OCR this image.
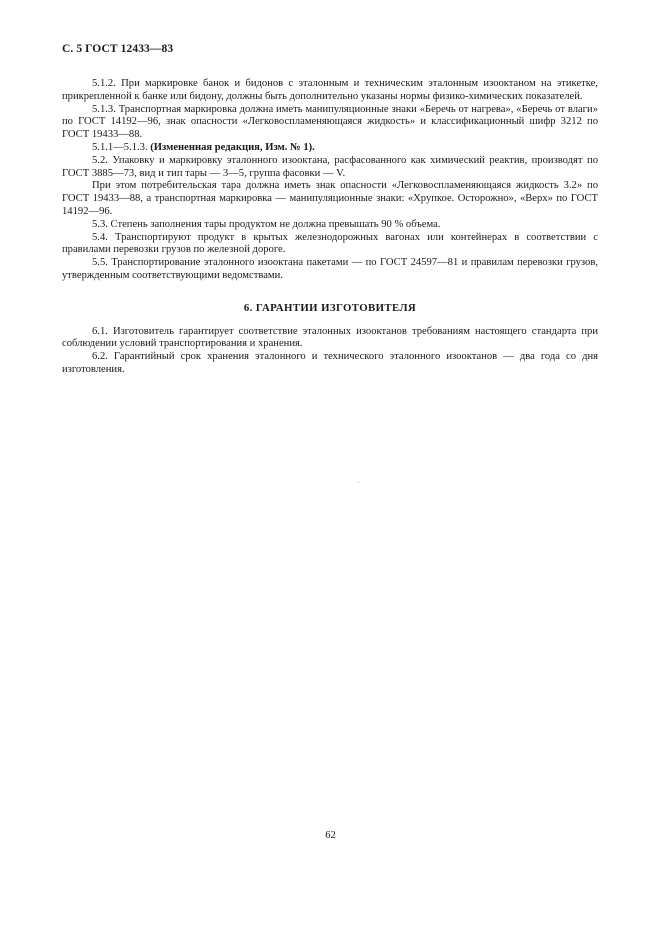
С. 5 ГОСТ 12433—83

5.1.2. При маркировке банок и бидонов с эталонным и техническим эталонным изооктаном на этикетке, прикрепленной к банке или бидону, должны быть дополнительно указаны нормы физико-химических показателей.

5.1.3. Транспортная маркировка должна иметь манипуляционные знаки «Беречь от нагрева», «Беречь от влаги» по ГОСТ 14192—96, знак опасности «Легковоспламеняющаяся жидкость» и классификационный шифр 3212 по ГОСТ 19433—88.

5.1.1—5.1.3. (Измененная редакция, Изм. № 1).

5.2. Упаковку и маркировку эталонного изооктана, расфасованного как химический реактив, производят по ГОСТ 3885—73, вид и тип тары — 3—5, группа фасовки — V.

При этом потребительская тара должна иметь знак опасности «Легковоспламеняющаяся жидкость 3.2» по ГОСТ 19433—88, а транспортная маркировка — манипуляционные знаки: «Хрупкое. Осторожно», «Верх» по ГОСТ 14192—96.

5.3. Степень заполнения тары продуктом не должна превышать 90 % объема.

5.4. Транспортируют продукт в крытых железнодорожных вагонах или контейнерах в соответствии с правилами перевозки грузов по железной дороге.

5.5. Транспортирование эталонного изооктана пакетами — по ГОСТ 24597—81 и правилам перевозки грузов, утвержденным соответствующими ведомствами.

6. ГАРАНТИИ ИЗГОТОВИТЕЛЯ

6.1. Изготовитель гарантирует соответствие эталонных изооктанов требованиям настоящего стандарта при соблюдении условий транспортирования и хранения.

6.2. Гарантийный срок хранения эталонного и технического эталонного изооктанов — два года со дня изготовления.

62
